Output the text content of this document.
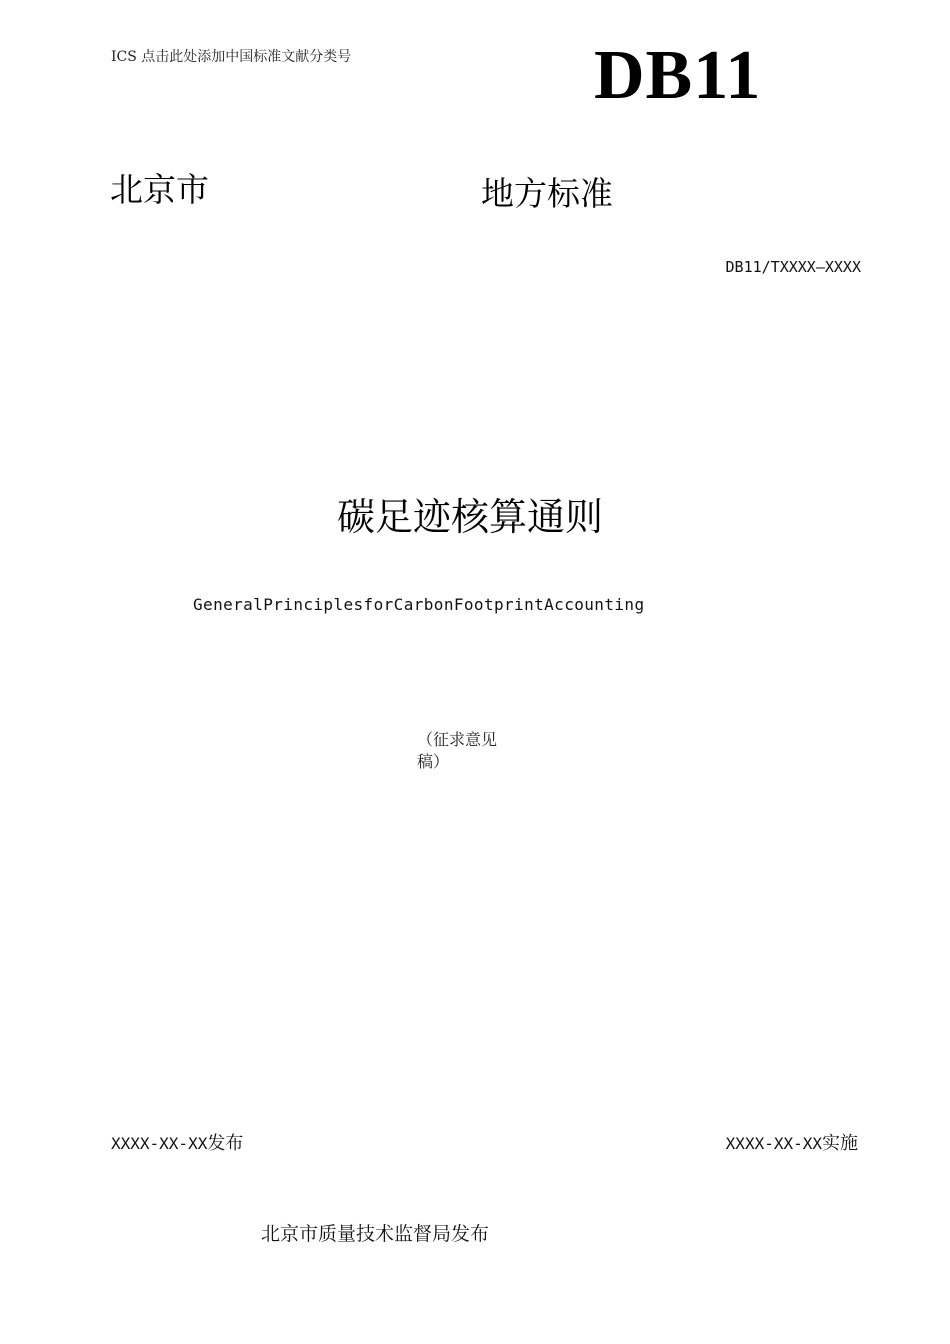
ICS 点击此处添加中国标准文献分类号	DB11
北京市	地方标准
DB11/TXXXX—XXXX
碳足迹核算通则
GeneralPrinciplesforCarbonFootprintAccounting
（征求意见稿）
XXXX-XX-XX发布	XXXX-XX-XX实施
北京市质量技术监督局发布
